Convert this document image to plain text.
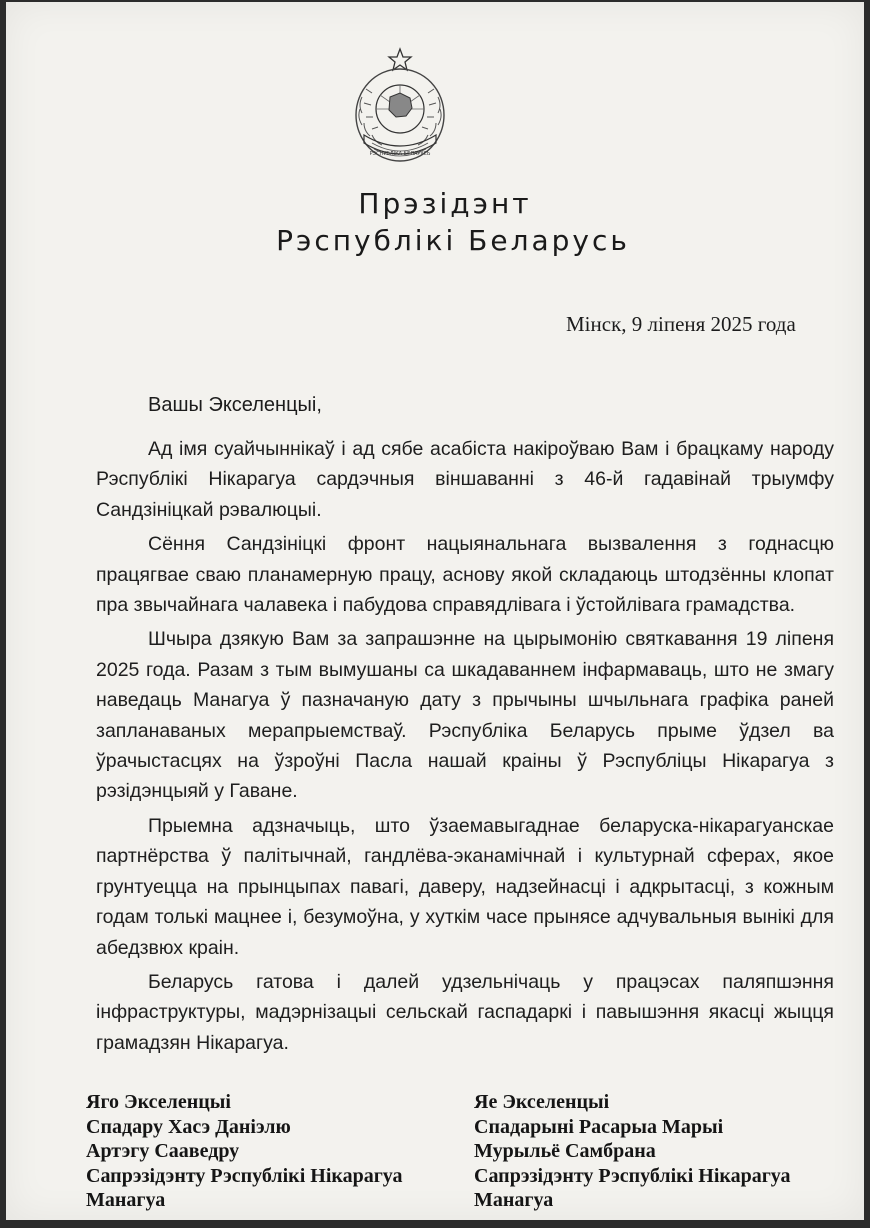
РЭСПУБЛІКА БЕЛАРУСЬ
Прэзідэнт
Рэспублікі Беларусь
Мінск, 9 ліпеня 2025 года
Вашы Экселенцыі,

Ад імя суайчыннікаў і ад сябе асабіста накіроўваю Вам і брацкаму народу Рэспублікі Нікарагуа сардэчныя віншаванні з 46-й гадавінай трыумфу Сандзініцкай рэвалюцыі.

Сёння Сандзініцкі фронт нацыянальнага вызвалення з годнасцю працягвае сваю планамерную працу, аснову якой складаюць штодзённы клопат пра звычайнага чалавека і пабудова справядлівага і ўстойлівага грамадства.

Шчыра дзякую Вам за запрашэнне на цырымонію святкавання 19 ліпеня 2025 года. Разам з тым вымушаны са шкадаваннем інфармаваць, што не змагу наведаць Манагуа ў пазначаную дату з прычыны шчыльнага графіка раней запланаваных мерапрыемстваў. Рэспубліка Беларусь прыме ўдзел ва ўрачыстасцях на ўзроўні Пасла нашай краіны ў Рэспубліцы Нікарагуа з рэзідэнцыяй у Гаване.

Прыемна адзначыць, што ўзаемавыгаднае беларуска-нікарагуанскае партнёрства ў палітычнай, гандлёва-эканамічнай і культурнай сферах, якое грунтуецца на прынцыпах павагі, даверу, надзейнасці і адкрытасці, з кожным годам толькі мацнее і, безумоўна, у хуткім часе прынясе адчувальныя вынікі для абедзвюх краін.

Беларусь гатова і далей удзельнічаць у працэсах паляпшэння інфраструктуры, мадэрнізацыі сельскай гаспадаркі і павышэння якасці жыцця грамадзян Нікарагуа.

Яго Экселенцыі
Спадару Хасэ Даніэлю
Артэгу Сааведру
Сапрэзідэнту Рэспублікі Нікарагуа
Манагуа
Яе Экселенцыі
Спадарыні Расарыа Марыі
Мурыльё Самбрана
Сапрэзідэнту Рэспублікі Нікарагуа
Манагуа
